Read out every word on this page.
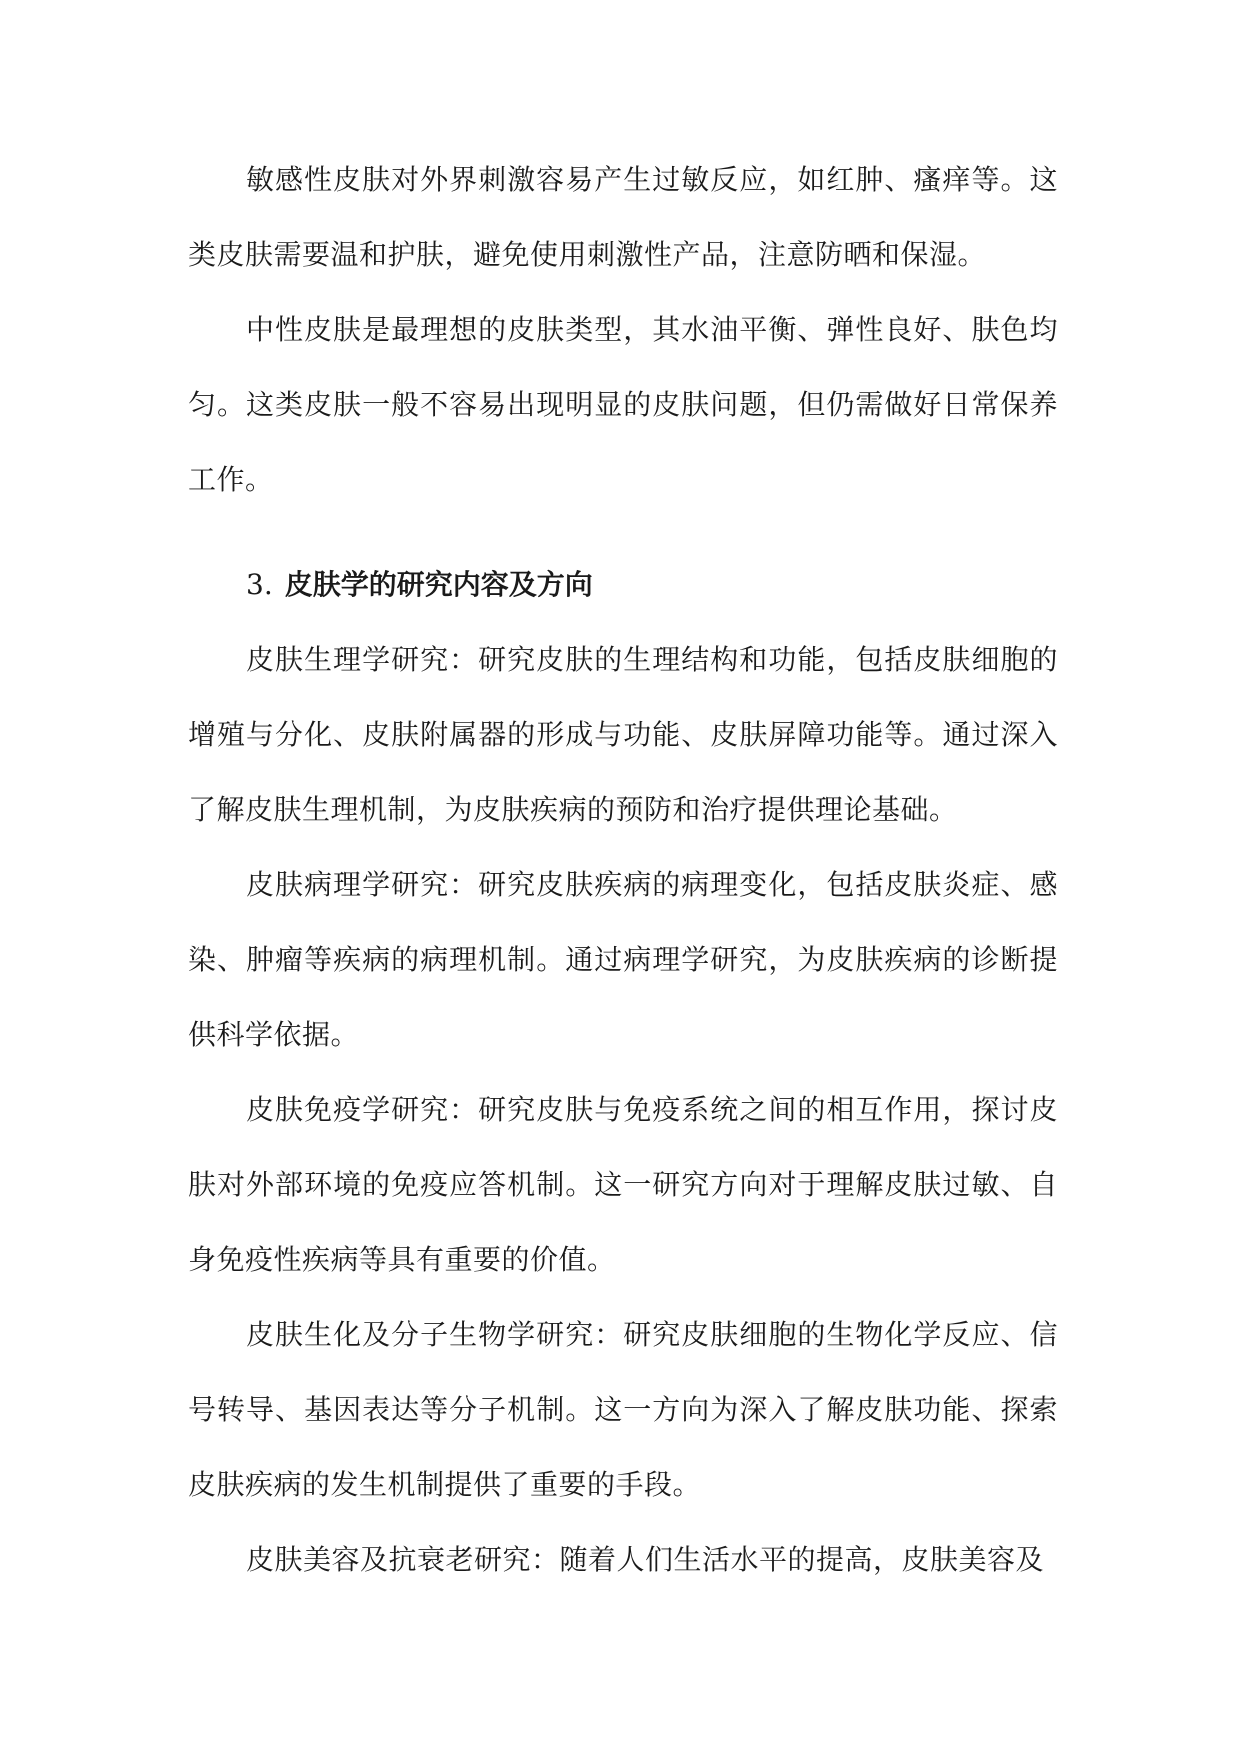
敏感性皮肤对外界刺激容易产生过敏反应，如红肿、瘙痒等。这类皮肤需要温和护肤，避免使用刺激性产品，注意防晒和保湿。

中性皮肤是最理想的皮肤类型，其水油平衡、弹性良好、肤色均匀。这类皮肤一般不容易出现明显的皮肤问题，但仍需做好日常保养工作。

3. 皮肤学的研究内容及方向

皮肤生理学研究：研究皮肤的生理结构和功能，包括皮肤细胞的增殖与分化、皮肤附属器的形成与功能、皮肤屏障功能等。通过深入了解皮肤生理机制，为皮肤疾病的预防和治疗提供理论基础。

皮肤病理学研究：研究皮肤疾病的病理变化，包括皮肤炎症、感染、肿瘤等疾病的病理机制。通过病理学研究，为皮肤疾病的诊断提供科学依据。

皮肤免疫学研究：研究皮肤与免疫系统之间的相互作用，探讨皮肤对外部环境的免疫应答机制。这一研究方向对于理解皮肤过敏、自身免疫性疾病等具有重要的价值。

皮肤生化及分子生物学研究：研究皮肤细胞的生物化学反应、信号转导、基因表达等分子机制。这一方向为深入了解皮肤功能、探索皮肤疾病的发生机制提供了重要的手段。

皮肤美容及抗衰老研究：随着人们生活水平的提高，皮肤美容及
